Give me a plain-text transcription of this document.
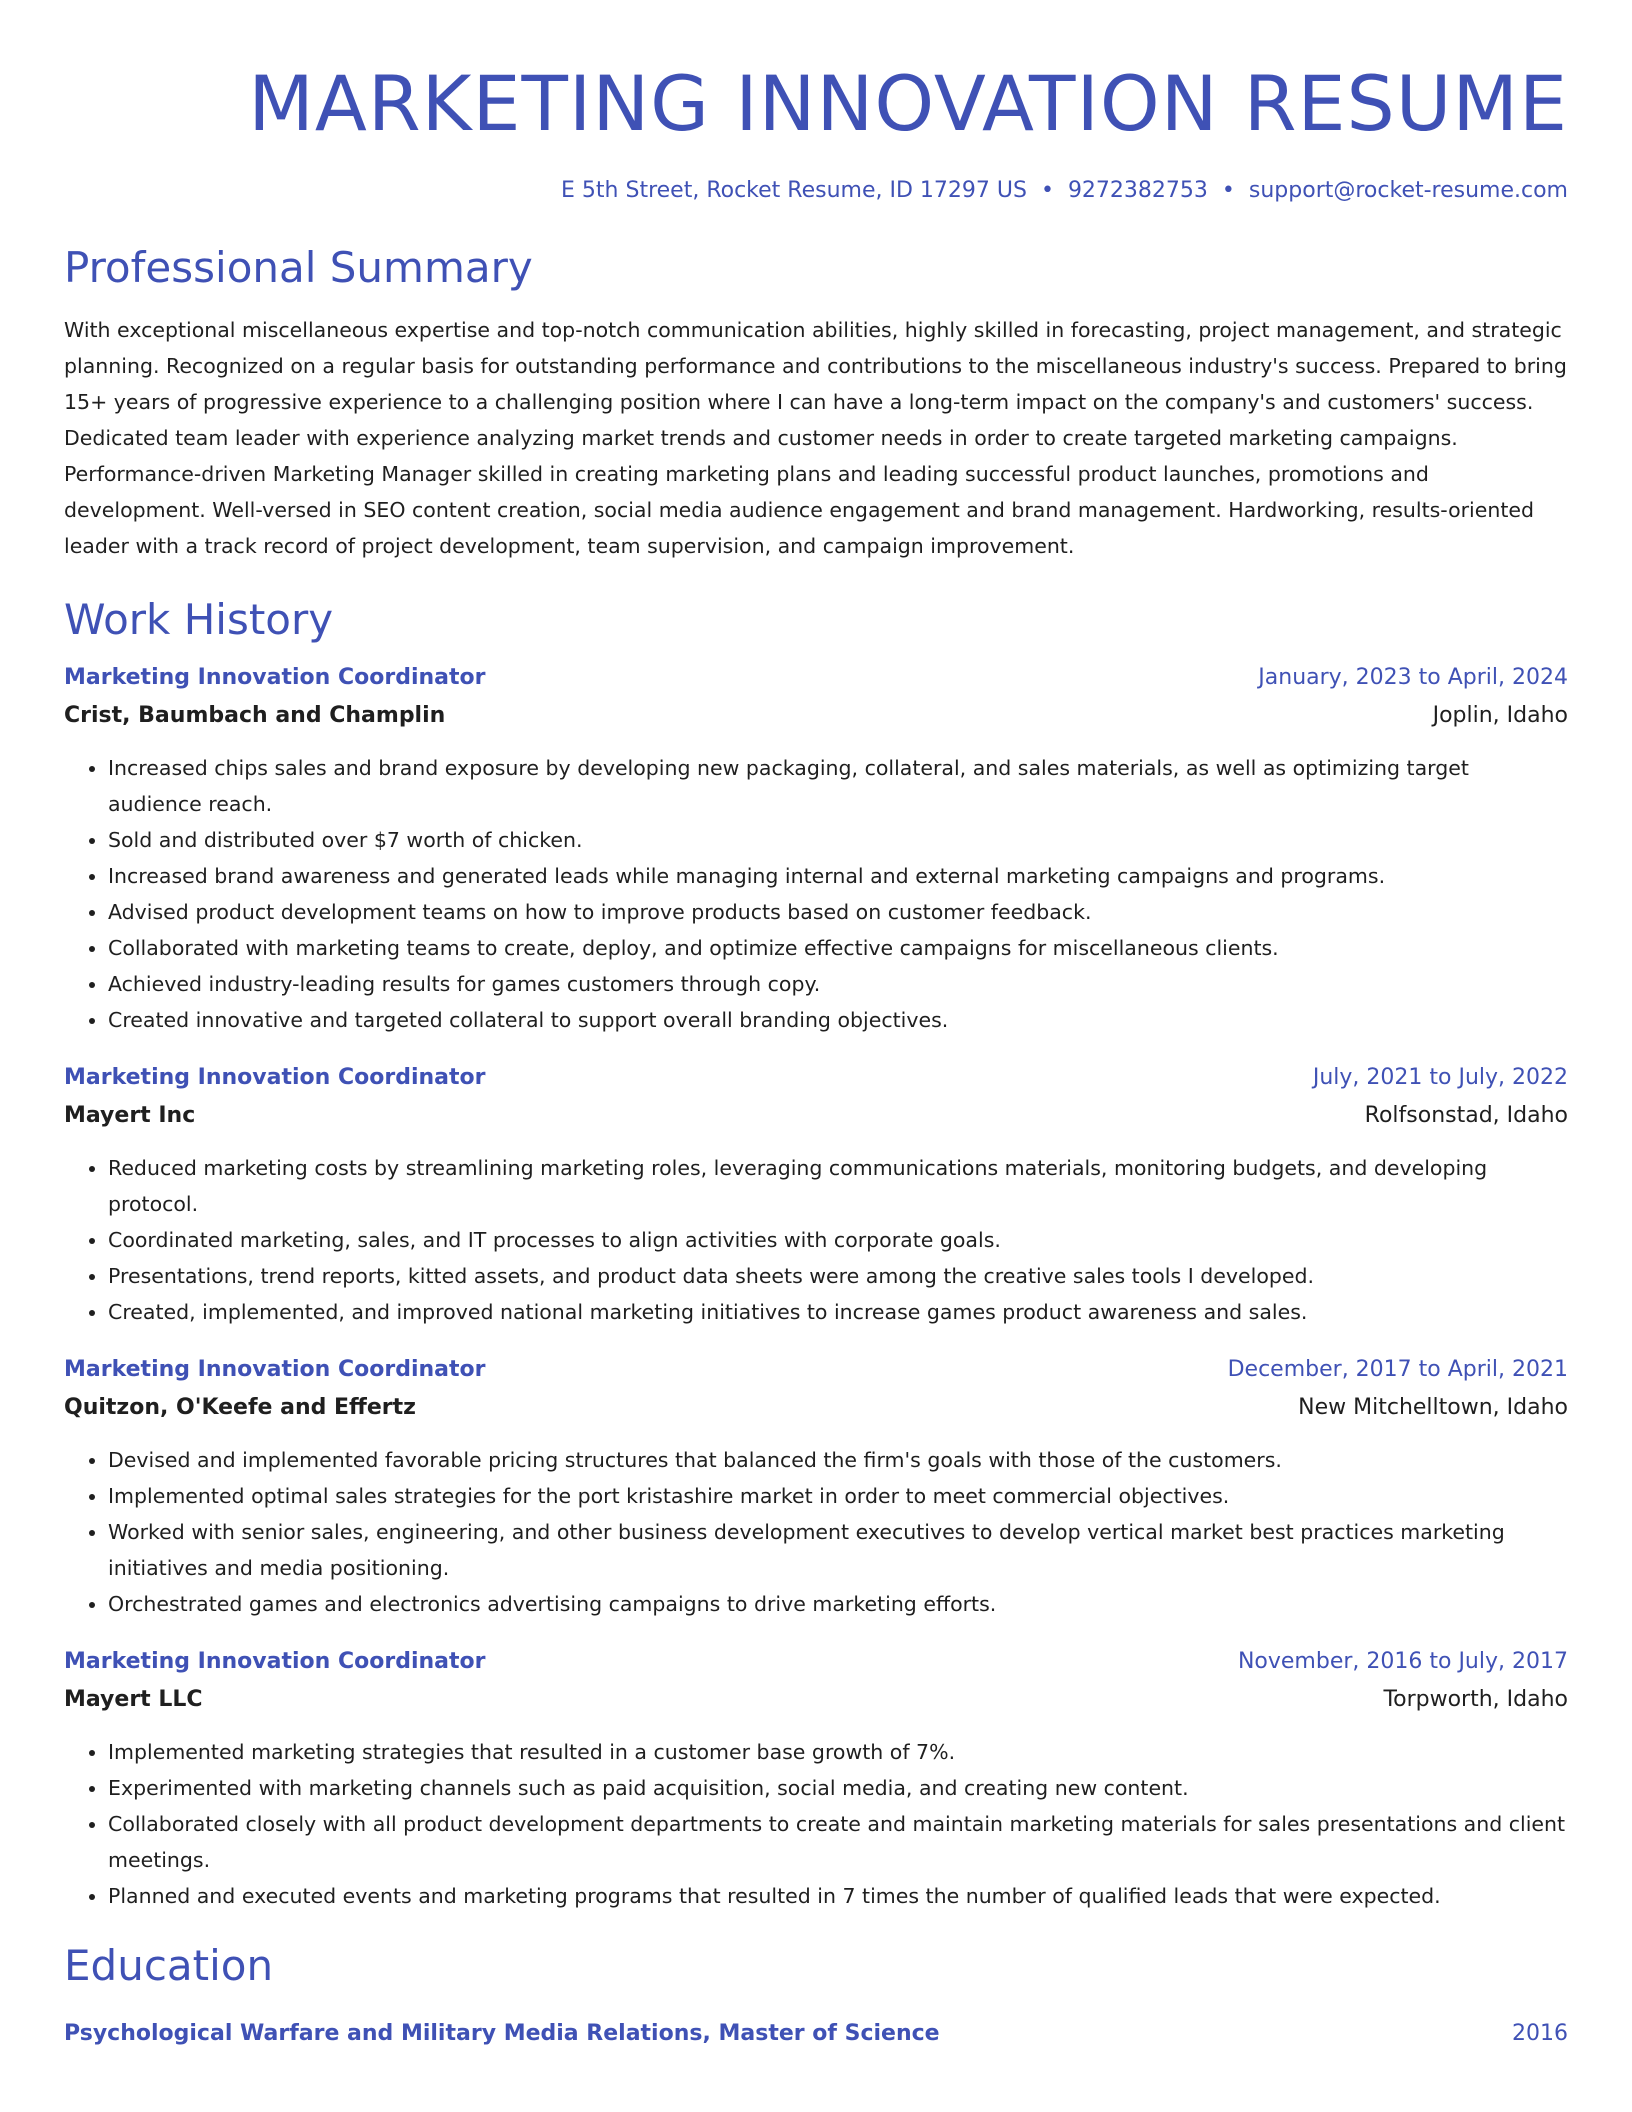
MARKETING INNOVATION RESUME
E 5th Street, Rocket Resume, ID 17297 US • 9272382753 • support@rocket-resume.com
Professional Summary

With exceptional miscellaneous expertise and top-notch communication abilities, highly skilled in forecasting, project management, and strategic planning. Recognized on a regular basis for outstanding performance and contributions to the miscellaneous industry's success. Prepared to bring 15+ years of progressive experience to a challenging position where I can have a long-term impact on the company's and customers' success. Dedicated team leader with experience analyzing market trends and customer needs in order to create targeted marketing campaigns. Performance-driven Marketing Manager skilled in creating marketing plans and leading successful product launches, promotions and development. Well-versed in SEO content creation, social media audience engagement and brand management. Hardworking, results-oriented leader with a track record of project development, team supervision, and campaign improvement.

Work History
Marketing Innovation Coordinator	January, 2023 to April, 2024
Crist, Baumbach and Champlin	Joplin, Idaho
• Increased chips sales and brand exposure by developing new packaging, collateral, and sales materials, as well as optimizing target audience reach.
• Sold and distributed over $7 worth of chicken.
• Increased brand awareness and generated leads while managing internal and external marketing campaigns and programs.
• Advised product development teams on how to improve products based on customer feedback.
• Collaborated with marketing teams to create, deploy, and optimize effective campaigns for miscellaneous clients.
• Achieved industry-leading results for games customers through copy.
• Created innovative and targeted collateral to support overall branding objectives.
Marketing Innovation Coordinator	July, 2021 to July, 2022
Mayert Inc	Rolfsonstad, Idaho
• Reduced marketing costs by streamlining marketing roles, leveraging communications materials, monitoring budgets, and developing protocol.
• Coordinated marketing, sales, and IT processes to align activities with corporate goals.
• Presentations, trend reports, kitted assets, and product data sheets were among the creative sales tools I developed.
• Created, implemented, and improved national marketing initiatives to increase games product awareness and sales.
Marketing Innovation Coordinator	December, 2017 to April, 2021
Quitzon, O'Keefe and Effertz	New Mitchelltown, Idaho
• Devised and implemented favorable pricing structures that balanced the firm's goals with those of the customers.
• Implemented optimal sales strategies for the port kristashire market in order to meet commercial objectives.
• Worked with senior sales, engineering, and other business development executives to develop vertical market best practices marketing initiatives and media positioning.
• Orchestrated games and electronics advertising campaigns to drive marketing efforts.
Marketing Innovation Coordinator	November, 2016 to July, 2017
Mayert LLC	Torpworth, Idaho
• Implemented marketing strategies that resulted in a customer base growth of 7%.
• Experimented with marketing channels such as paid acquisition, social media, and creating new content.
• Collaborated closely with all product development departments to create and maintain marketing materials for sales presentations and client meetings.
• Planned and executed events and marketing programs that resulted in 7 times the number of qualified leads that were expected.
Education
Psychological Warfare and Military Media Relations, Master of Science	2016
